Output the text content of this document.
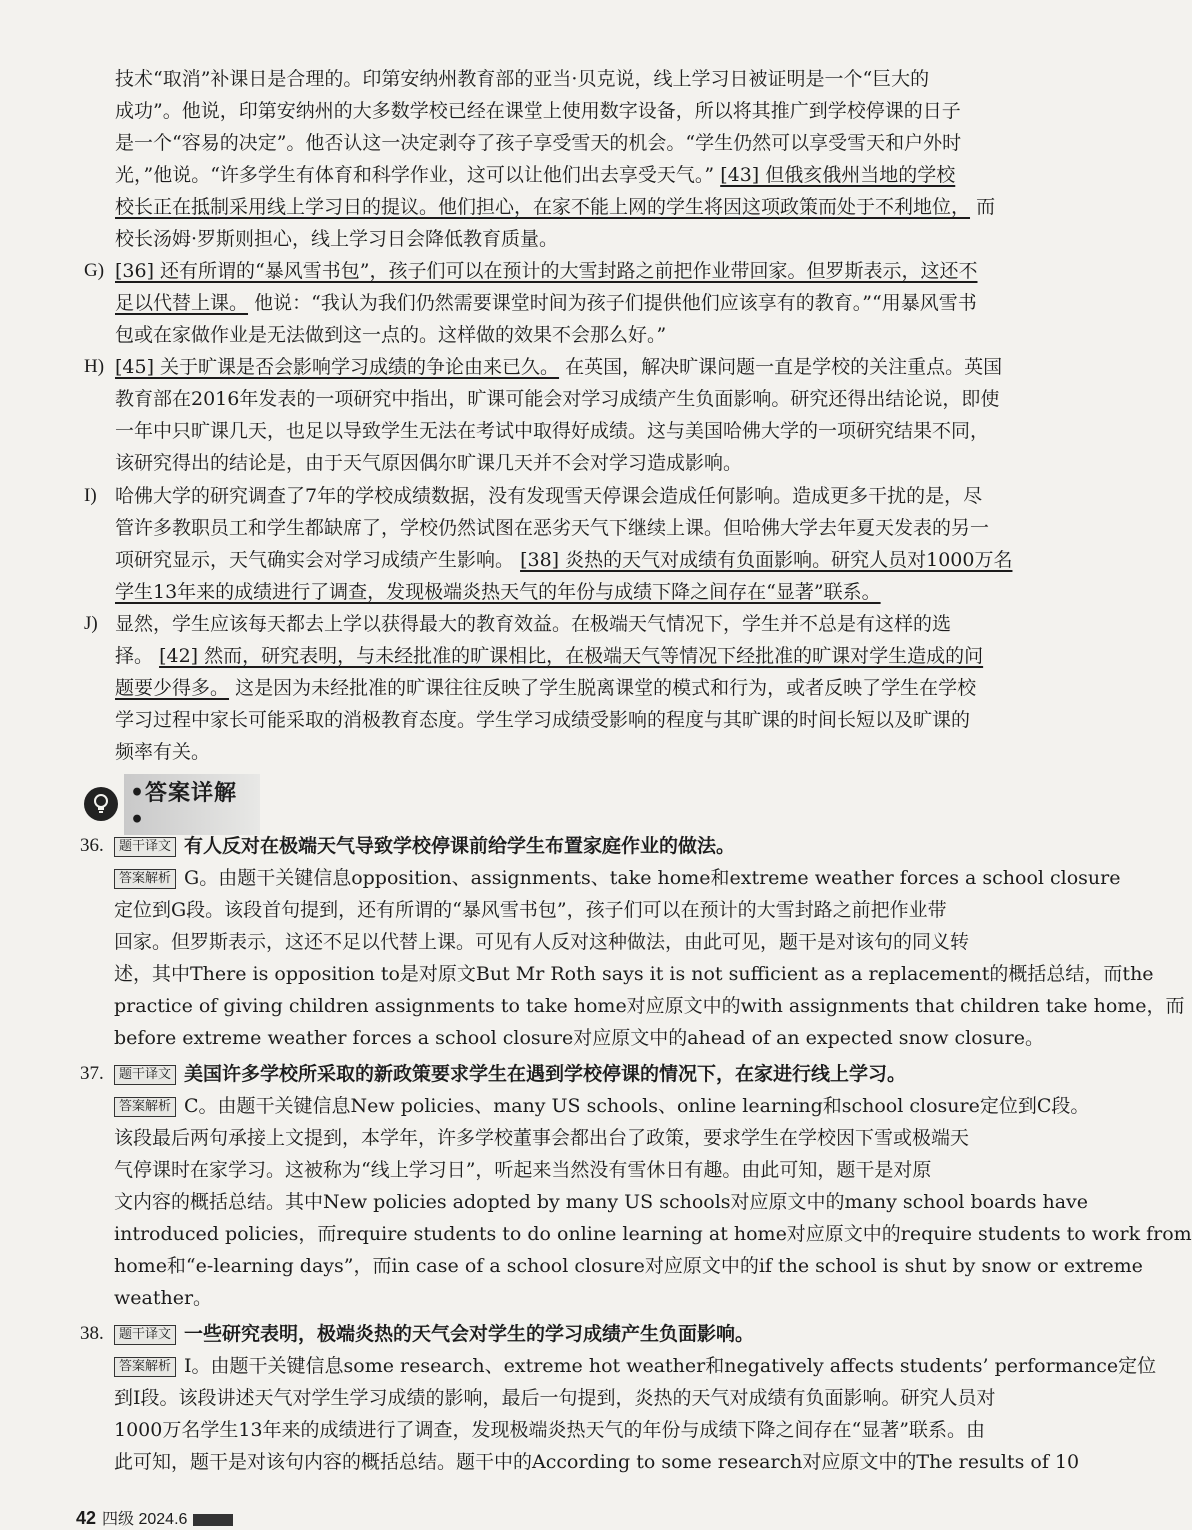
技术“取消”补课日是合理的。印第安纳州教育部的亚当·贝克说，线上学习日被证明是一个“巨大的
成功”。他说，印第安纳州的大多数学校已经在课堂上使用数字设备，所以将其推广到学校停课的日子
是一个“容易的决定”。他否认这一决定剥夺了孩子享受雪天的机会。“学生仍然可以享受雪天和户外时
光，”他说。“许多学生有体育和科学作业，这可以让他们出去享受天气。” [43] 但俄亥俄州当地的学校
校长正在抵制采用线上学习日的提议。他们担心，在家不能上网的学生将因这项政策而处于不利地位， 而
校长汤姆·罗斯则担心，线上学习日会降低教育质量。
G) [36] 还有所谓的“暴风雪书包”，孩子们可以在预计的大雪封路之前把作业带回家。但罗斯表示，这还不
足以代替上课。 他说：“我认为我们仍然需要课堂时间为孩子们提供他们应该享有的教育。”“用暴风雪书
包或在家做作业是无法做到这一点的。这样做的效果不会那么好。”
H) [45] 关于旷课是否会影响学习成绩的争论由来已久。 在英国，解决旷课问题一直是学校的关注重点。英国
教育部在2016年发表的一项研究中指出，旷课可能会对学习成绩产生负面影响。研究还得出结论说，即使
一年中只旷课几天，也足以导致学生无法在考试中取得好成绩。这与美国哈佛大学的一项研究结果不同，
该研究得出的结论是，由于天气原因偶尔旷课几天并不会对学习造成影响。
I) 哈佛大学的研究调查了7年的学校成绩数据，没有发现雪天停课会造成任何影响。造成更多干扰的是，尽
管许多教职员工和学生都缺席了，学校仍然试图在恶劣天气下继续上课。但哈佛大学去年夏天发表的另一
项研究显示，天气确实会对学习成绩产生影响。 [38] 炎热的天气对成绩有负面影响。研究人员对1000万名
学生13年来的成绩进行了调查，发现极端炎热天气的年份与成绩下降之间存在“显著”联系。
J) 显然，学生应该每天都去上学以获得最大的教育效益。在极端天气情况下，学生并不总是有这样的选
择。 [42] 然而，研究表明，与未经批准的旷课相比，在极端天气等情况下经批准的旷课对学生造成的问
题要少得多。 这是因为未经批准的旷课往往反映了学生脱离课堂的模式和行为，或者反映了学生在学校
学习过程中家长可能采取的消极教育态度。学生学习成绩受影响的程度与其旷课的时间长短以及旷课的
频率有关。
•答案详解•
36.	题干译文 有人反对在极端天气导致学校停课前给学生布置家庭作业的做法。
答案解析 G。由题干关键信息opposition、assignments、take home和extreme weather forces a school closure
定位到G段。该段首句提到，还有所谓的“暴风雪书包”，孩子们可以在预计的大雪封路之前把作业带
回家。但罗斯表示，这还不足以代替上课。可见有人反对这种做法，由此可见，题干是对该句的同义转
述，其中There is opposition to是对原文But Mr Roth says it is not sufficient as a replacement的概括总结，而the
practice of giving children assignments to take home对应原文中的with assignments that children take home，而
before extreme weather forces a school closure对应原文中的ahead of an expected snow closure。
37.	题干译文 美国许多学校所采取的新政策要求学生在遇到学校停课的情况下，在家进行线上学习。
答案解析 C。由题干关键信息New policies、many US schools、online learning和school closure定位到C段。
该段最后两句承接上文提到，本学年，许多学校董事会都出台了政策，要求学生在学校因下雪或极端天
气停课时在家学习。这被称为“线上学习日”，听起来当然没有雪休日有趣。由此可知，题干是对原
文内容的概括总结。其中New policies adopted by many US schools对应原文中的many school boards have
introduced policies，而require students to do online learning at home对应原文中的require students to work from
home和“e-learning days”，而in case of a school closure对应原文中的if the school is shut by snow or extreme
weather。
38.	题干译文 一些研究表明，极端炎热的天气会对学生的学习成绩产生负面影响。
答案解析 I。由题干关键信息some research、extreme hot weather和negatively affects students’ performance定位
到I段。该段讲述天气对学生学习成绩的影响，最后一句提到，炎热的天气对成绩有负面影响。研究人员对
1000万名学生13年来的成绩进行了调查，发现极端炎热天气的年份与成绩下降之间存在“显著”联系。由
此可知，题干是对该句内容的概括总结。题干中的According to some research对应原文中的The results of 10
42 四级 2024.6
